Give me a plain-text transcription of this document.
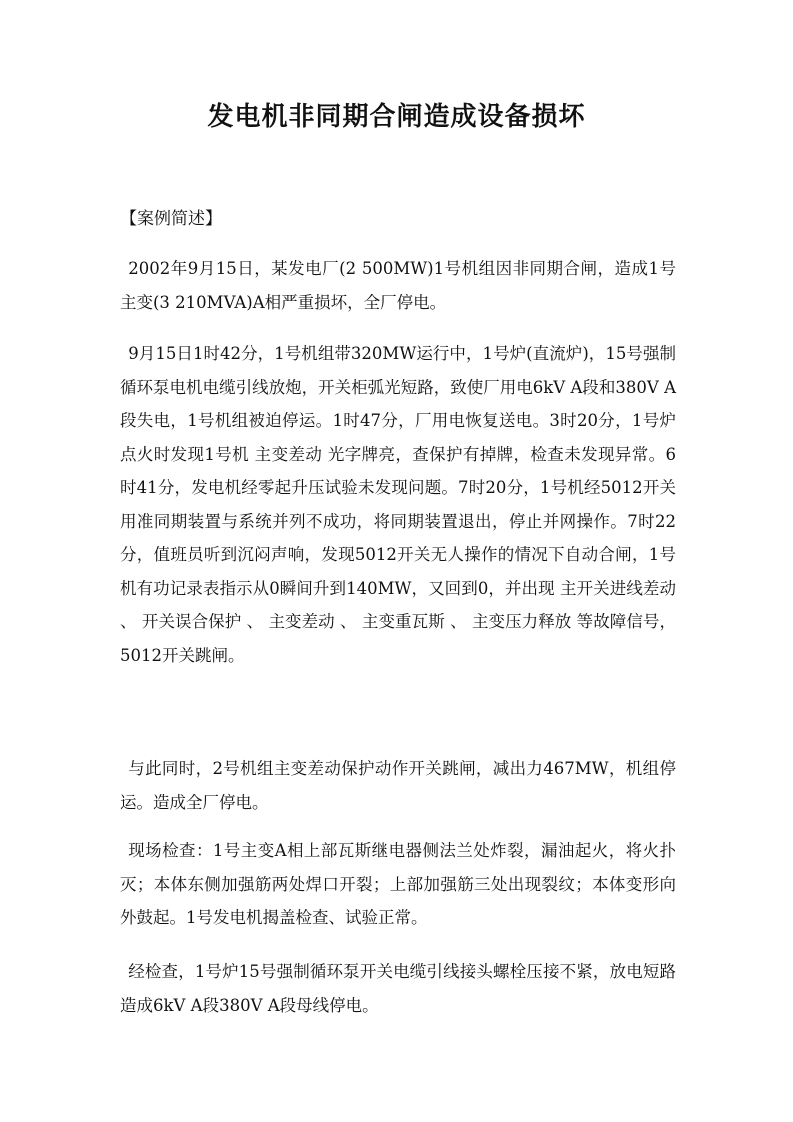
发电机非同期合闸造成设备损坏

【案例简述】

2002年9月15日，某发电厂(2 500MW)1号机组因非同期合闸，造成1号主变(3 210MVA)A相严重损坏，全厂停电。

9月15日1时42分，1号机组带320MW运行中，1号炉(直流炉)，15号强制循环泵电机电缆引线放炮，开关柜弧光短路，致使厂用电6kV A段和380V A段失电，1号机组被迫停运。1时47分，厂用电恢复送电。3时20分，1号炉点火时发现1号机 主变差动 光字牌亮，查保护有掉牌，检查未发现异常。6时41分，发电机经零起升压试验未发现问题。7时20分，1号机经5012开关用准同期装置与系统并列不成功，将同期装置退出，停止并网操作。7时22分，值班员听到沉闷声响，发现5012开关无人操作的情况下自动合闸，1号机有功记录表指示从0瞬间升到140MW，又回到0，并出现 主开关进线差动 、 开关误合保护 、 主变差动 、 主变重瓦斯 、 主变压力释放 等故障信号，5012开关跳闸。

与此同时，2号机组主变差动保护动作开关跳闸，减出力467MW，机组停运。造成全厂停电。

现场检查：1号主变A相上部瓦斯继电器侧法兰处炸裂，漏油起火，将火扑灭；本体东侧加强筋两处焊口开裂；上部加强筋三处出现裂纹；本体变形向外鼓起。1号发电机揭盖检查、试验正常。

经检查，1号炉15号强制循环泵开关电缆引线接头螺栓压接不紧，放电短路造成6kV A段380V A段母线停电。
